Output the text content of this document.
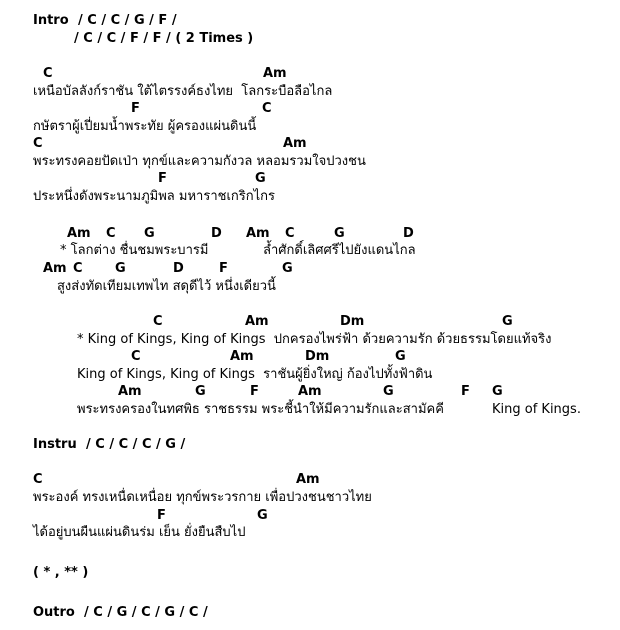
Intro / C / C / G / F /
/ C / C / F / F / ( 2 Times )
C	Am
เหนือบัลลังก์ราชัน ใต้ไตรรงค์ธงไทย  โลกระบือลือไกล
F	C
กษัตราผู้เปี่ยมน้ำพระทัย ผู้ครองแผ่นดินนี้
C	Am
พระทรงคอยปัดเป่า ทุกข์และความกังวล หลอมรวมใจปวงชน
F	G
ประหนึ่งดังพระนามภูมิพล มหาราชเกริกไกร
Am C G	D Am C	G	D
* โลกต่าง ชื่นชมพระบารมี	ล้ำศักดิ์เลิศศรีไปยังแดนไกล
Am C G	D	F	G
สูงส่งทัดเทียมเทพไท สดุดีไว้ หนึ่งเดียวนี้
C	Am	Dm	G
* King of Kings, King of Kings  ปกครองไพร่ฟ้า ด้วยความรัก ด้วยธรรมโดยแท้จริง
C	Am	Dm	G
King of Kings, King of Kings  ราชันผู้ยิ่งใหญ่ ก้องไปทั้งฟ้าดิน
Am	G	F	Am	G	F G
พระทรงครองในทศพิธ ราชธรรม พระชี้นำให้มีความรักและสามัคคี	King of Kings.
Instru / C / C / C / G /
C	Am
พระองค์ ทรงเหนื่ดเหนื่อย ทุกข์พระวรกาย เพื่อปวงชนชาวไทย
F	G
ได้อยู่บนผืนแผ่นดินร่ม เย็น ยั่งยืนสืบไป
( * , ** )
Outro / C / G / C / G / C /
